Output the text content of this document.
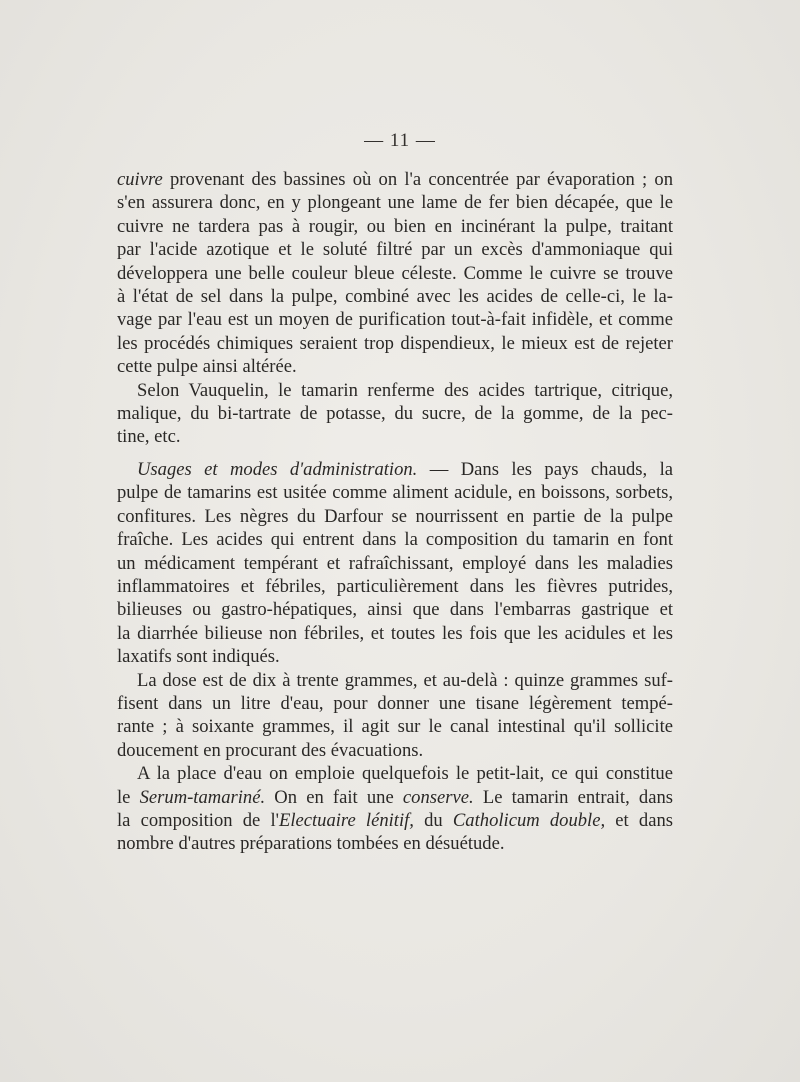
— 11 —

cuivre provenant des bassines où on l'a concentrée par évaporation ; on
s'en assurera donc, en y plongeant une lame de fer bien décapée, que le
cuivre ne tardera pas à rougir, ou bien en incinérant la pulpe, traitant
par l'acide azotique et le soluté filtré par un excès d'ammoniaque qui
développera une belle couleur bleue céleste. Comme le cuivre se trouve
à l'état de sel dans la pulpe, combiné avec les acides de celle-ci, le la-
vage par l'eau est un moyen de purification tout-à-fait infidèle, et comme
les procédés chimiques seraient trop dispendieux, le mieux est de rejeter
cette pulpe ainsi altérée.

Selon Vauquelin, le tamarin renferme des acides tartrique, citrique,
malique, du bi-tartrate de potasse, du sucre, de la gomme, de la pec-
tine, etc.

Usages et modes d'administration. — Dans les pays chauds, la
pulpe de tamarins est usitée comme aliment acidule, en boissons, sorbets,
confitures. Les nègres du Darfour se nourrissent en partie de la pulpe
fraîche. Les acides qui entrent dans la composition du tamarin en font
un médicament tempérant et rafraîchissant, employé dans les maladies
inflammatoires et fébriles, particulièrement dans les fièvres putrides,
bilieuses ou gastro-hépatiques, ainsi que dans l'embarras gastrique et
la diarrhée bilieuse non fébriles, et toutes les fois que les acidules et les
laxatifs sont indiqués.

La dose est de dix à trente grammes, et au-delà : quinze grammes suf-
fisent dans un litre d'eau, pour donner une tisane légèrement tempé-
rante ; à soixante grammes, il agit sur le canal intestinal qu'il sollicite
doucement en procurant des évacuations.

A la place d'eau on emploie quelquefois le petit-lait, ce qui constitue
le Serum-tamariné. On en fait une conserve. Le tamarin entrait, dans
la composition de l'Electuaire lénitif, du Catholicum double, et dans
nombre d'autres préparations tombées en désuétude.
